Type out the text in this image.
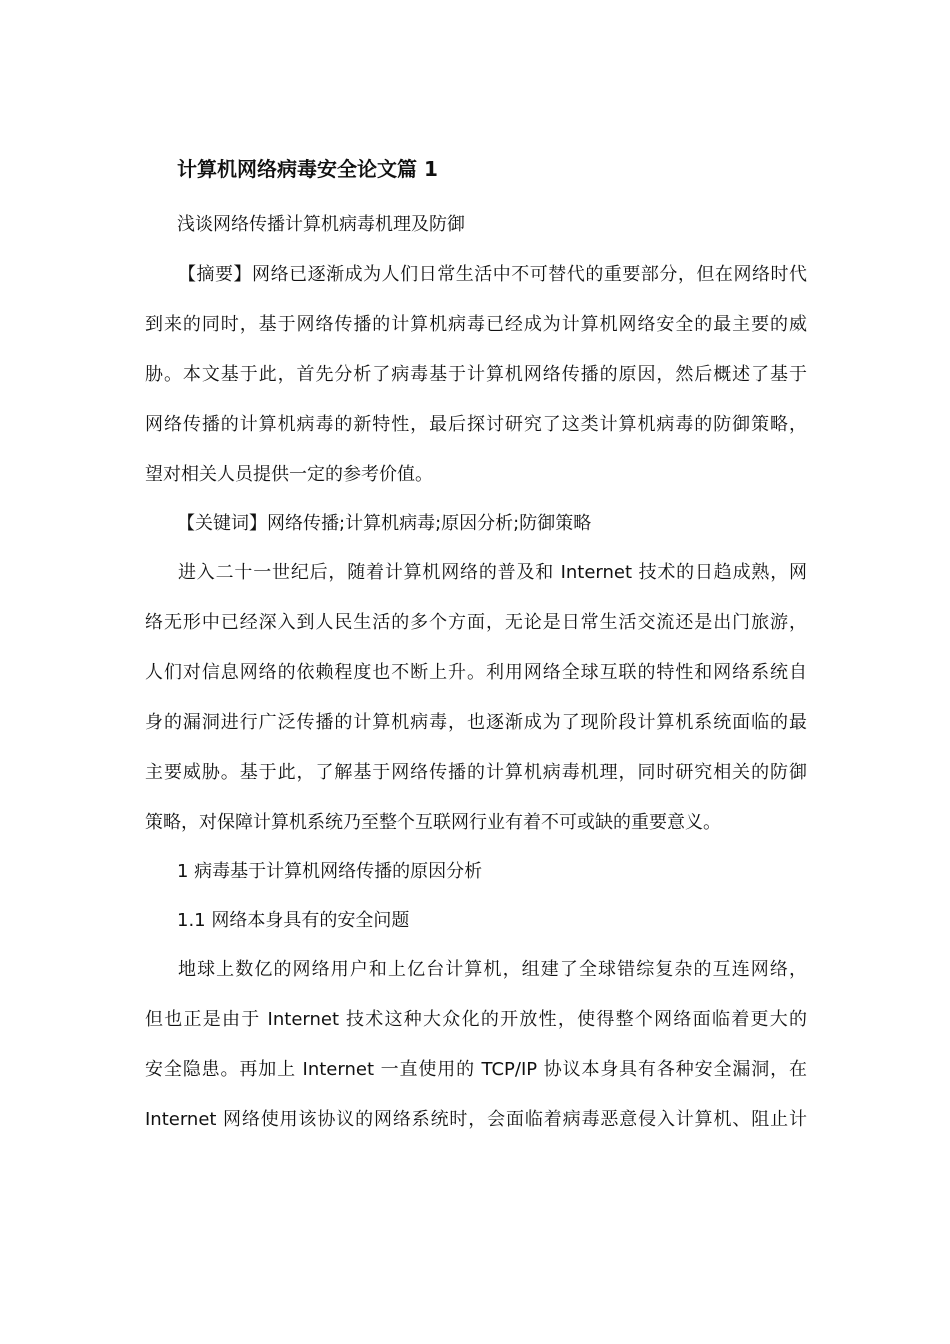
计算机网络病毒安全论文篇 1
浅谈网络传播计算机病毒机理及防御
【摘要】网络已逐渐成为人们日常生活中不可替代的重要部分，但在网络时代
到来的同时，基于网络传播的计算机病毒已经成为计算机网络安全的最主要的威
胁。本文基于此，首先分析了病毒基于计算机网络传播的原因，然后概述了基于
网络传播的计算机病毒的新特性，最后探讨研究了这类计算机病毒的防御策略，
望对相关人员提供一定的参考价值。
【关键词】网络传播;计算机病毒;原因分析;防御策略
进入二十一世纪后，随着计算机网络的普及和 Internet 技术的日趋成熟，网
络无形中已经深入到人民生活的多个方面，无论是日常生活交流还是出门旅游，
人们对信息网络的依赖程度也不断上升。利用网络全球互联的特性和网络系统自
身的漏洞进行广泛传播的计算机病毒，也逐渐成为了现阶段计算机系统面临的最
主要威胁。基于此，了解基于网络传播的计算机病毒机理，同时研究相关的防御
策略，对保障计算机系统乃至整个互联网行业有着不可或缺的重要意义。
1 病毒基于计算机网络传播的原因分析
1.1 网络本身具有的安全问题
地球上数亿的网络用户和上亿台计算机，组建了全球错综复杂的互连网络，
但也正是由于 Internet 技术这种大众化的开放性，使得整个网络面临着更大的
安全隐患。再加上 Internet 一直使用的 TCP/IP 协议本身具有各种安全漏洞，在
Internet 网络使用该协议的网络系统时，会面临着病毒恶意侵入计算机、阻止计
